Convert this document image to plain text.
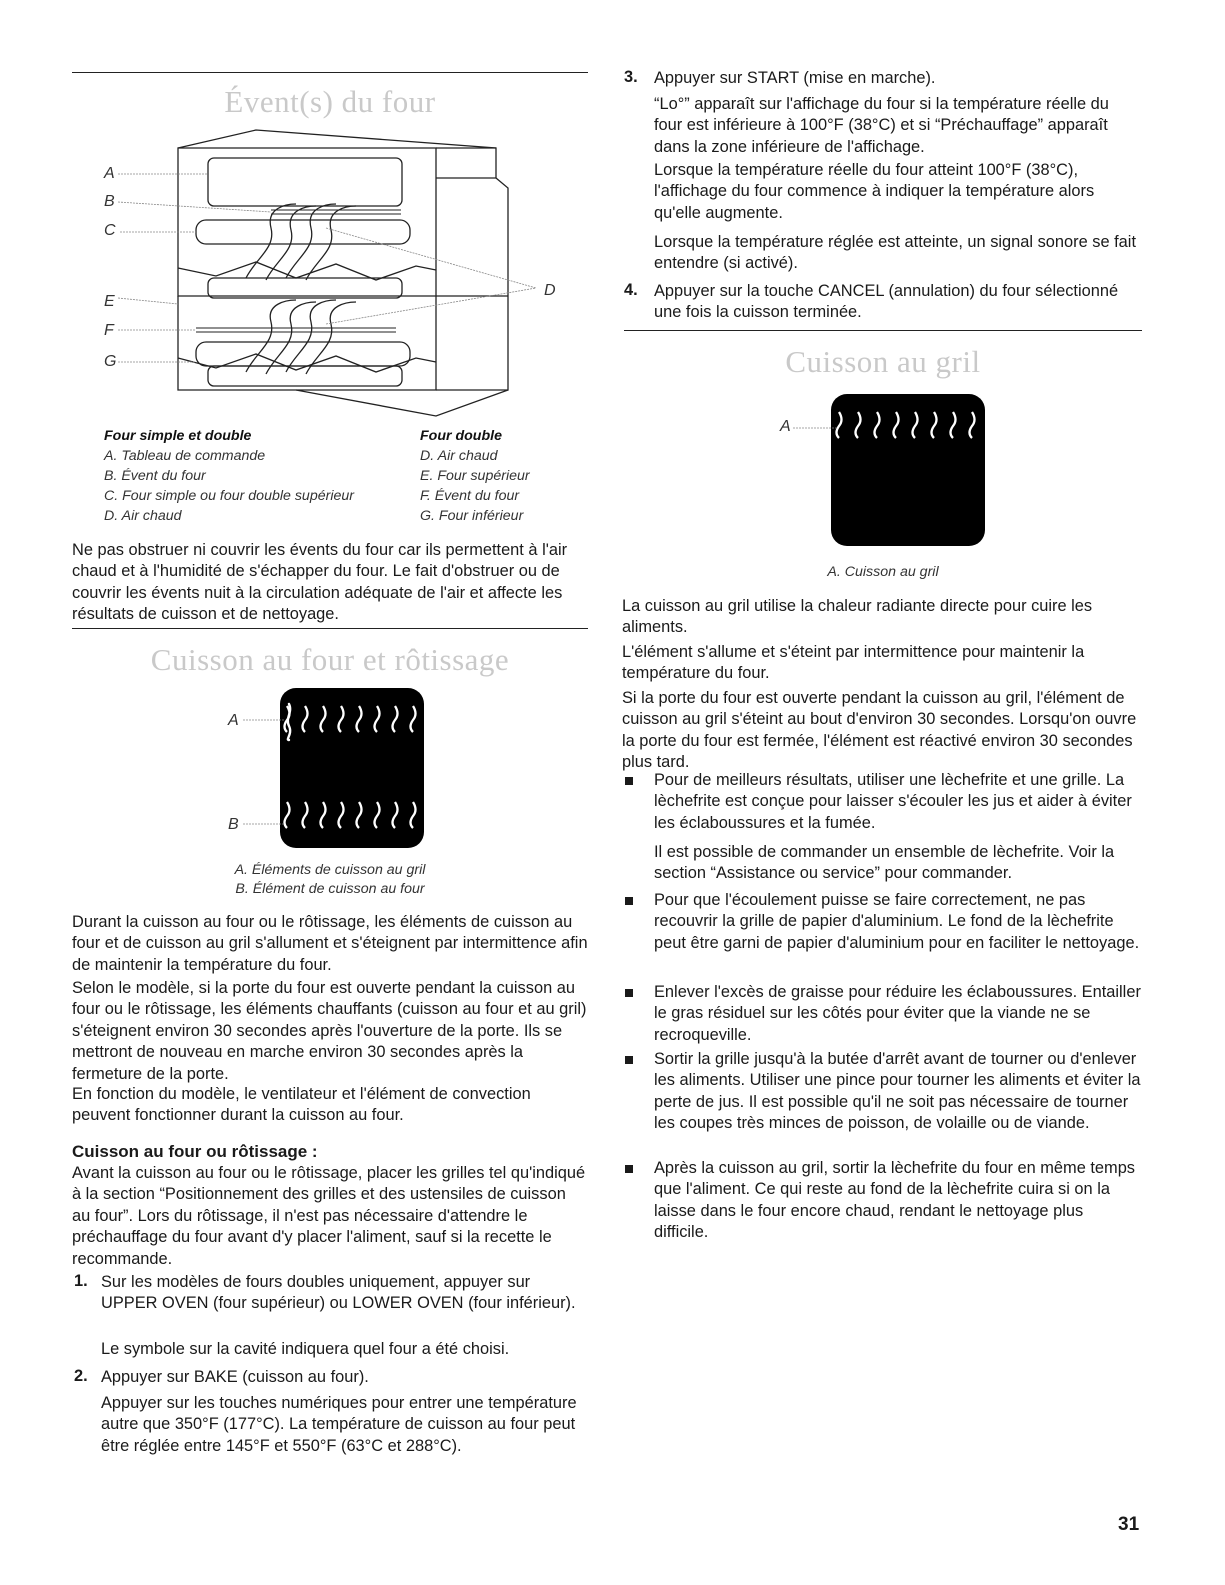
Évent(s) du four
A
B
C
D
E
F
G
Four simple et double	Four double
A. Tableau de commande
B. Évent du four
C. Four simple ou four double supérieur
D. Air chaud
D. Air chaud
E. Four supérieur
F. Évent du four
G. Four inférieur

Ne pas obstruer ni couvrir les évents du four car ils permettent à l'air chaud et à l'humidité de s'échapper du four. Le fait d'obstruer ou de couvrir les évents nuit à la circulation adéquate de l'air et affecte les résultats de cuisson et de nettoyage.

Cuisson au four et rôtissage
A
B
A. Éléments de cuisson au gril
B. Élément de cuisson au four

Durant la cuisson au four ou le rôtissage, les éléments de cuisson au four et de cuisson au gril s'allument et s'éteignent par intermittence afin de maintenir la température du four.

Selon le modèle, si la porte du four est ouverte pendant la cuisson au four ou le rôtissage, les éléments chauffants (cuisson au four et au gril) s'éteignent environ 30 secondes après l'ouverture de la porte. Ils se mettront de nouveau en marche environ 30 secondes après la fermeture de la porte.

En fonction du modèle, le ventilateur et l'élément de convection peuvent fonctionner durant la cuisson au four.

Cuisson au four ou rôtissage :

Avant la cuisson au four ou le rôtissage, placer les grilles tel qu'indiqué à la section “Positionnement des grilles et des ustensiles de cuisson au four”. Lors du rôtissage, il n'est pas nécessaire d'attendre le préchauffage du four avant d'y placer l'aliment, sauf si la recette le recommande.

1. Sur les modèles de fours doubles uniquement, appuyer sur UPPER OVEN (four supérieur) ou LOWER OVEN (four inférieur).

Le symbole sur la cavité indiquera quel four a été choisi.

2. Appuyer sur BAKE (cuisson au four).

Appuyer sur les touches numériques pour entrer une température autre que 350°F (177°C). La température de cuisson au four peut être réglée entre 145°F et 550°F (63°C et 288°C).

3. Appuyer sur START (mise en marche).

“Lo°” apparaît sur l'affichage du four si la température réelle du four est inférieure à 100°F (38°C) et si “Préchauffage” apparaît dans la zone inférieure de l'affichage.

Lorsque la température réelle du four atteint 100°F (38°C), l'affichage du four commence à indiquer la température alors qu'elle augmente.

Lorsque la température réglée est atteinte, un signal sonore se fait entendre (si activé).

4. Appuyer sur la touche CANCEL (annulation) du four sélectionné une fois la cuisson terminée.

Cuisson au gril
A
A. Cuisson au gril

La cuisson au gril utilise la chaleur radiante directe pour cuire les aliments.

L'élément s'allume et s'éteint par intermittence pour maintenir la température du four.

Si la porte du four est ouverte pendant la cuisson au gril, l'élément de cuisson au gril s'éteint au bout d'environ 30 secondes. Lorsqu'on ouvre la porte du four est fermée, l'élément est réactivé environ 30 secondes plus tard.

Pour de meilleurs résultats, utiliser une lèchefrite et une grille. La lèchefrite est conçue pour laisser s'écouler les jus et aider à éviter les éclaboussures et la fumée.

Il est possible de commander un ensemble de lèchefrite. Voir la section “Assistance ou service” pour commander.

Pour que l'écoulement puisse se faire correctement, ne pas recouvrir la grille de papier d'aluminium. Le fond de la lèchefrite peut être garni de papier d'aluminium pour en faciliter le nettoyage.

Enlever l'excès de graisse pour réduire les éclaboussures. Entailler le gras résiduel sur les côtés pour éviter que la viande ne se recroqueville.

Sortir la grille jusqu'à la butée d'arrêt avant de tourner ou d'enlever les aliments. Utiliser une pince pour tourner les aliments et éviter la perte de jus. Il est possible qu'il ne soit pas nécessaire de tourner les coupes très minces de poisson, de volaille ou de viande.

Après la cuisson au gril, sortir la lèchefrite du four en même temps que l'aliment. Ce qui reste au fond de la lèchefrite cuira si on la laisse dans le four encore chaud, rendant le nettoyage plus difficile.

31
